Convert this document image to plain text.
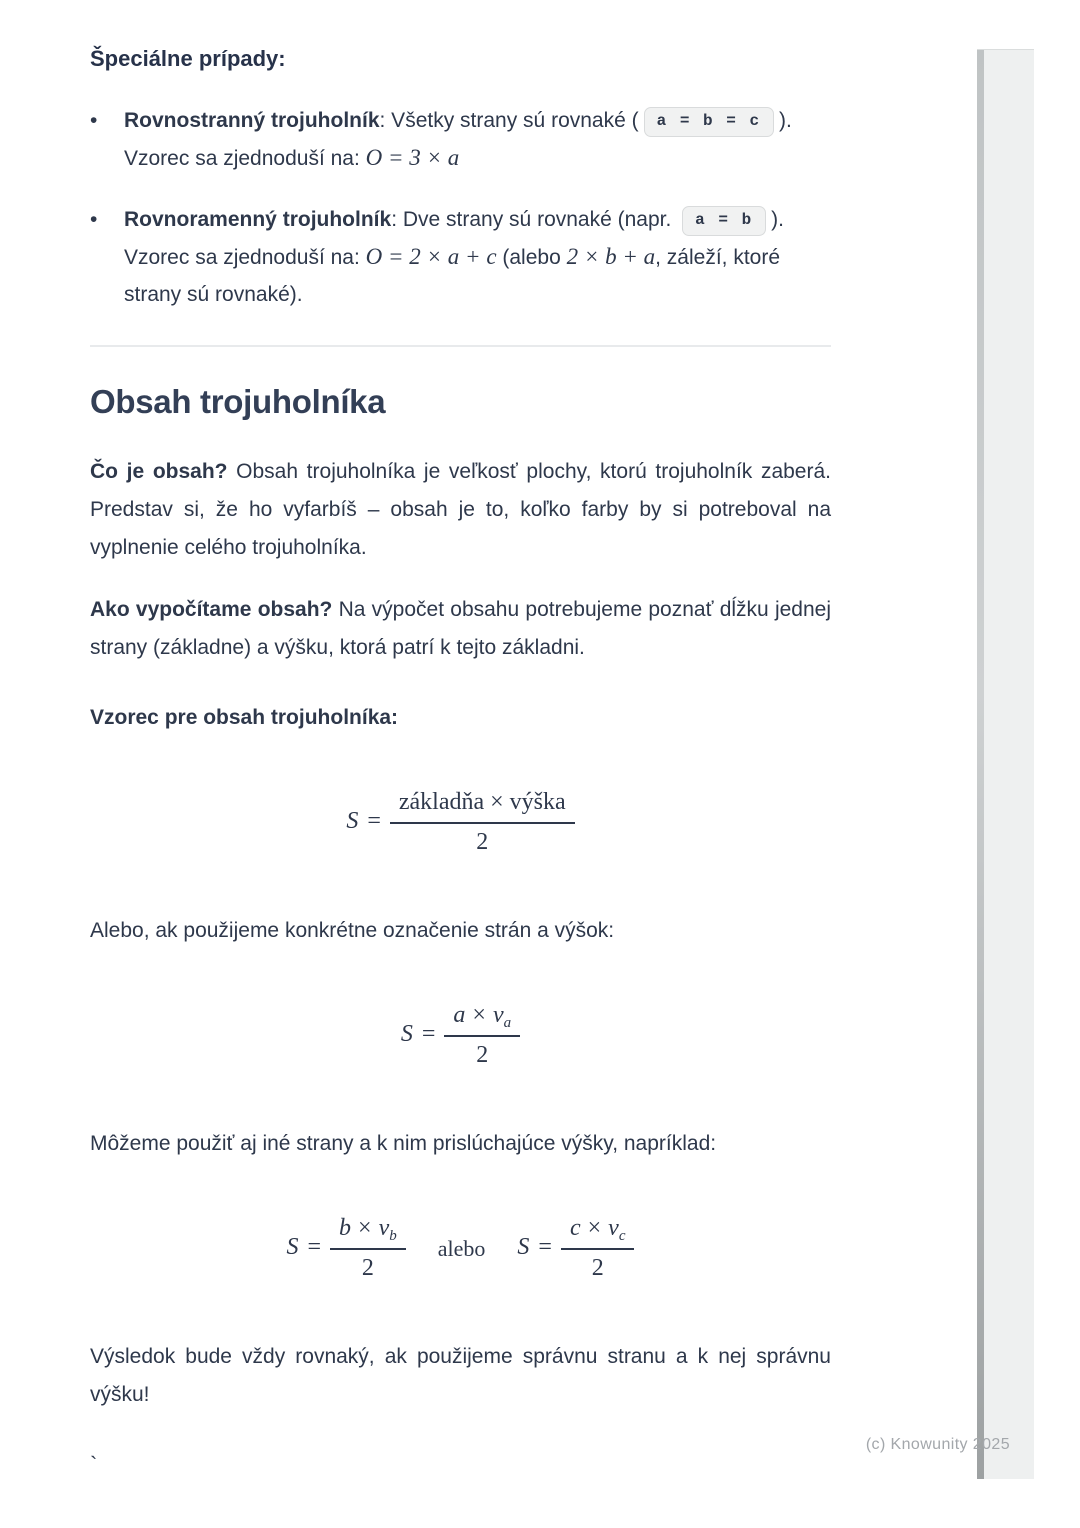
Špeciálne prípady:
•	Rovnostranný trojuholník: Všetky strany sú rovnaké ( a = b = c ).
Vzorec sa zjednoduší na: O = 3 × a
•	Rovnoramenný trojuholník: Dve strany sú rovnaké (napr. a = b ).
Vzorec sa zjednoduší na: O = 2 × a + c (alebo 2 × b + a, záleží, ktoré strany sú rovnaké).
Obsah trojuholníka

Čo je obsah? Obsah trojuholníka je veľkosť plochy, ktorú trojuholník zaberá. Predstav si, že ho vyfarbíš – obsah je to, koľko farby by si potreboval na vyplnenie celého trojuholníka.

Ako vypočítame obsah? Na výpočet obsahu potrebujeme poznať dĺžku jednej strany (základne) a výšku, ktorá patrí k tejto základni.

Vzorec pre obsah trojuholníka:

$S = \frac{\text{základňa × výška}}{2}$

Alebo, ak použijeme konkrétne označenie strán a výšok:

$S = \frac{a \times v_a}{2}$

Môžeme použiť aj iné strany a k nim prislúchajúce výšky, napríklad:

$S = \frac{b \times v_b}{2}$ alebo $S = \frac{c \times v_c}{2}$

Výsledok bude vždy rovnaký, ak použijeme správnu stranu a k nej správnu výšku!

`
(c) Knowunity 2025
